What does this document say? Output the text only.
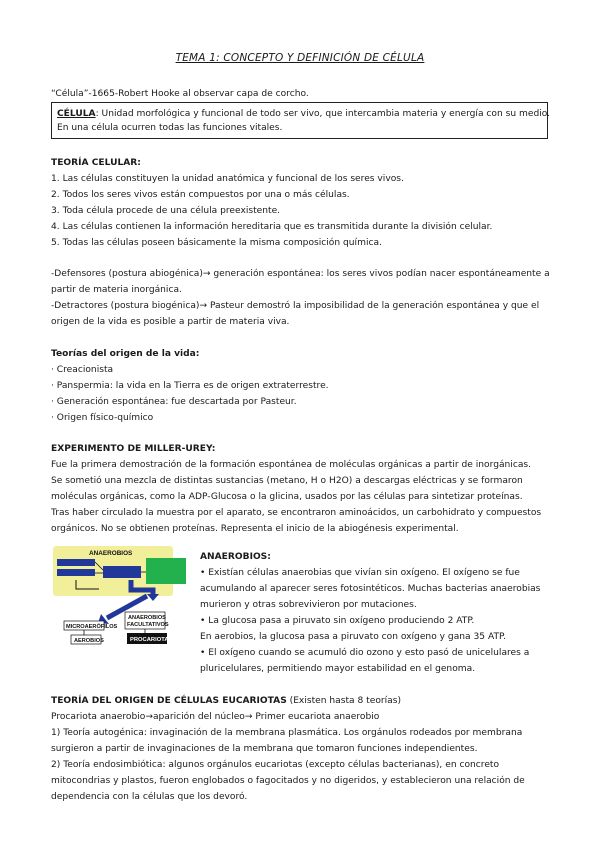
TEMA 1: CONCEPTO Y DEFINICIÓN DE CÉLULA
“Célula”-1665-Robert Hooke al observar capa de corcho.
CÉLULA: Unidad morfológica y funcional de todo ser vivo, que intercambia materia y energía con su medio.
En una célula ocurren todas las funciones vitales.
TEORÍA CELULAR:
1. Las células constituyen la unidad anatómica y funcional de los seres vivos.
2. Todos los seres vivos están compuestos por una o más células.
3. Toda célula procede de una célula preexistente.
4. Las células contienen la información hereditaria que es transmitida durante la división celular.
5. Todas las células poseen básicamente la misma composición química.
-Defensores (postura abiogénica)→ generación espontánea: los seres vivos podían nacer espontáneamente a
partir de materia inorgánica.
-Detractores (postura biogénica)→ Pasteur demostró la imposibilidad de la generación espontánea y que el
origen de la vida es posible a partir de materia viva.
Teorías del origen de la vida:
· Creacionista
· Panspermia: la vida en la Tierra es de origen extraterrestre.
· Generación espontánea: fue descartada por Pasteur.
· Origen físico-químico
EXPERIMENTO DE MILLER-UREY:
Fue la primera demostración de la formación espontánea de moléculas orgánicas a partir de inorgánicas.
Se sometió una mezcla de distintas sustancias (metano, H o H2O) a descargas eléctricas y se formaron
moléculas orgánicas, como la ADP-Glucosa o la glicina, usados por las células para sintetizar proteínas.
Tras haber circulado la muestra por el aparato, se encontraron aminoácidos, un carbohidrato y compuestos
orgánicos. No se obtienen proteínas. Representa el inicio de la abiogénesis experimental.
ANAEROBIOS
MICROAERÓFILOS
ANAEROBIOS
FACULTATIVOS
AEROBIOS	PROCARIOTAS
ANAEROBIOS:
• Existían células anaerobias que vivían sin oxígeno. El oxígeno se fue
acumulando al aparecer seres fotosintéticos. Muchas bacterias anaerobias
murieron y otras sobrevivieron por mutaciones.
• La glucosa pasa a piruvato sin oxígeno produciendo 2 ATP.
En aerobios, la glucosa pasa a piruvato con oxígeno y gana 35 ATP.
• El oxígeno cuando se acumuló dio ozono y esto pasó de unicelulares a
pluricelulares, permitiendo mayor estabilidad en el genoma.
TEORÍA DEL ORIGEN DE CÉLULAS EUCARIOTAS (Existen hasta 8 teorías)
Procariota anaerobio→aparición del núcleo→ Primer eucariota anaerobio
1) Teoría autogénica: invaginación de la membrana plasmática. Los orgánulos rodeados por membrana
surgieron a partir de invaginaciones de la membrana que tomaron funciones independientes.
2) Teoría endosimbiótica: algunos orgánulos eucariotas (excepto células bacterianas), en concreto
mitocondrias y plastos, fueron englobados o fagocitados y no digeridos, y establecieron una relación de
dependencia con la células que los devoró.
